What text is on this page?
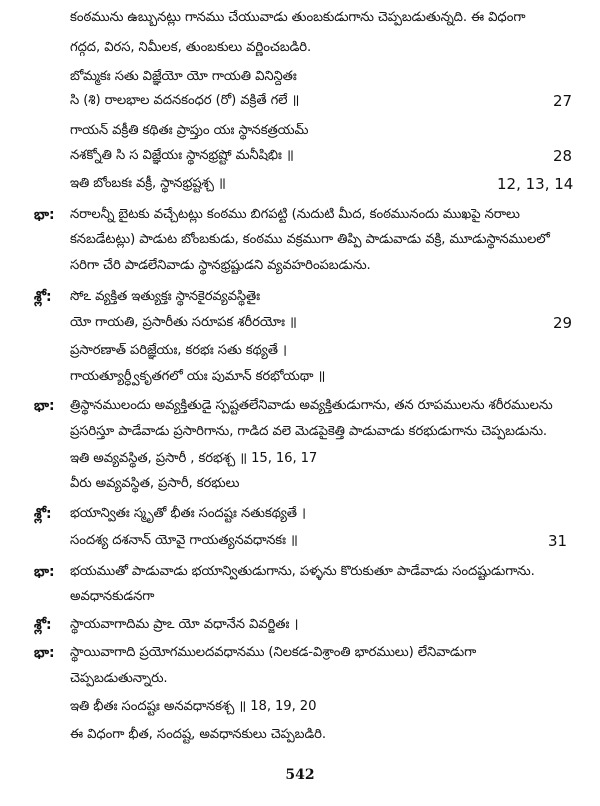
కంఠమును ఉబ్బునట్లు గానము చేయువాడు తుంబకుడుగాను చెప్పబడుతున్నది. ఈ విధంగా
గద్గద, విరస, నిమీలక, తుంబకులు వర్ణించబడిరి.
బోమ్మకః సతు విజ్ఞేయో యో గాయతి వినిన్దితః
సి (శి) రాలభాల వదనకంధర (రో) వక్రితే గలే ॥	27
గాయన్ వక్రీతి కథితః ప్రాప్తుం యః స్థానకత్రయమ్
నశక్నోతి సి స విజ్ఞేయః స్థానభ్రష్టో మనీషిభిః ॥	28
ఇతి బోంబకః వక్రీ, స్థానభ్రష్టశ్చ ॥	12, 13, 14
భా: నరాలన్నీ బైటకు వచ్చేటట్లు కంఠము బిగపట్టి (నుదుటి మీద, కంఠమునందు ముఖపై నరాలు
కనబడేటట్లు) పాడుట బోంబకుడు, కంఠము వక్రముగా తిప్పి పాడువాడు వక్రి, మూడుస్థానములలో
సరిగా చేరి పాడలేనివాడు స్థానభ్రష్టుడని వ్యవహరింపబడును.
శ్లో: సోఽ వ్యక్తిత ఇత్యుక్తః స్థానకైరవ్యవస్థితైః
యో గాయతి, ప్రసారీతు సరూపక శరీరయోః ॥	29
ప్రసారణాత్ పరిజ్ఞేయః, కరభః సతు కథ్యతే ।
గాయత్యూర్ధ్వీకృతగలో యః పుమాన్ కరభోయథా ॥
భా: త్రిస్థానములందు అవ్యక్తితుడై స్పష్టతలేనివాడు అవ్యక్తితుడుగాను, తన రూపములను శరీరములను
ప్రసరిస్తూ పాడేవాడు ప్రసారిగాను, గాడిద వలె మెడపైకెత్తి పాడువాడు కరభుడుగాను చెప్పబడును.
ఇతి అవ్యవస్థిత, ప్రసారీ , కరభశ్చ ॥ 15, 16, 17
వీరు అవ్యవస్థిత, ప్రసారీ, కరభులు
శ్లో: భయాన్వితః స్మృతో భీతః సందష్టః నతుకథ్యతే ।
సందశ్య దశనాన్ యోవై గాయత్యనవధానకః ॥	31
భా: భయముతో పాడువాడు భయాన్వితుడుగాను, పళ్ళను కొరుకుతూ పాడేవాడు సందష్టుడుగాను.
అవధానకుడనగా
శ్లో: స్థాయవాగాదిమ ప్రాఽ యో వధానేన వివర్జితః ।
భా: స్థాయివాగాది ప్రయోగములదవధానము (నిలకడ-విశ్రాంతి భారములు) లేనివాడుగా
చెప్పబడుతున్నారు.
ఇతి భీతః సందష్టః అనవధానకశ్చ ॥ 18, 19, 20
ఈ విధంగా భీత, సందష్ట, అవధానకులు చెప్పబడిరి.
542
